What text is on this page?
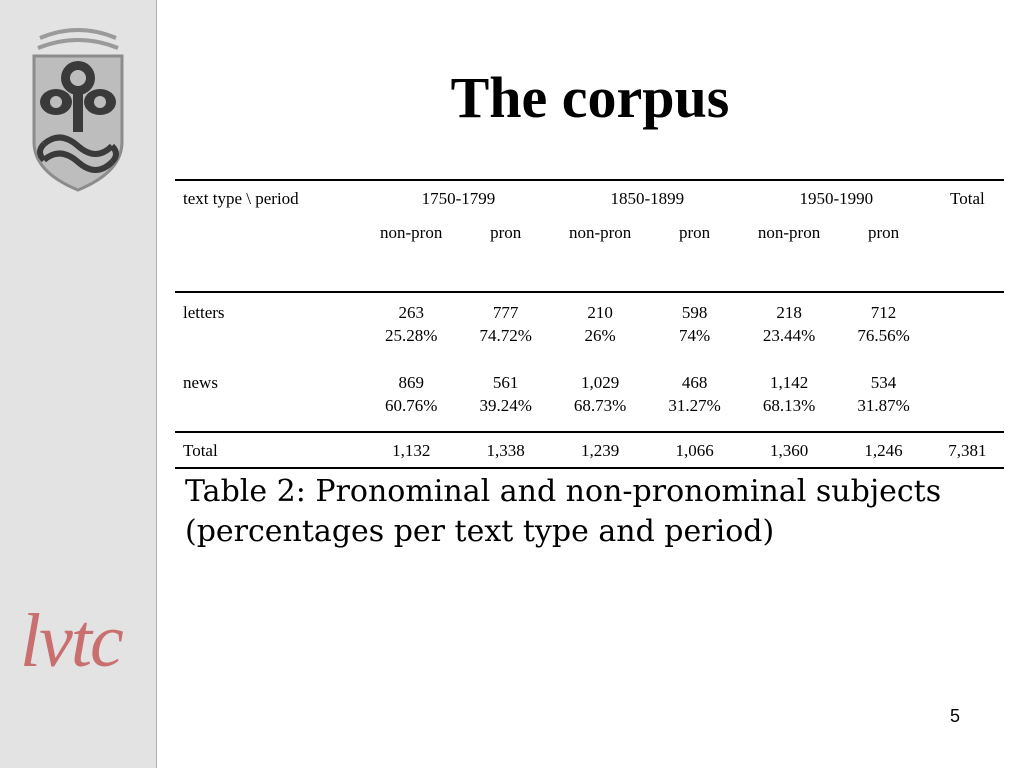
lvtc
The corpus
text type \ period	1750-1799		1850-1899		1950-1990		Total
	non-pron	pron	non-pron	pron	non-pron	pron	
letters	263	777	210	598	218	712	
	25.28%	74.72%	26%	74%	23.44%	76.56%	

news	869	561	1,029	468	1,142	534	
	60.76%	39.24%	68.73%	31.27%	68.13%	31.87%	
Total	1,132	1,338	1,239	1,066	1,360	1,246	7,381

Table 2: Pronominal and non-pronominal subjects (percentages per text type and period)

5
